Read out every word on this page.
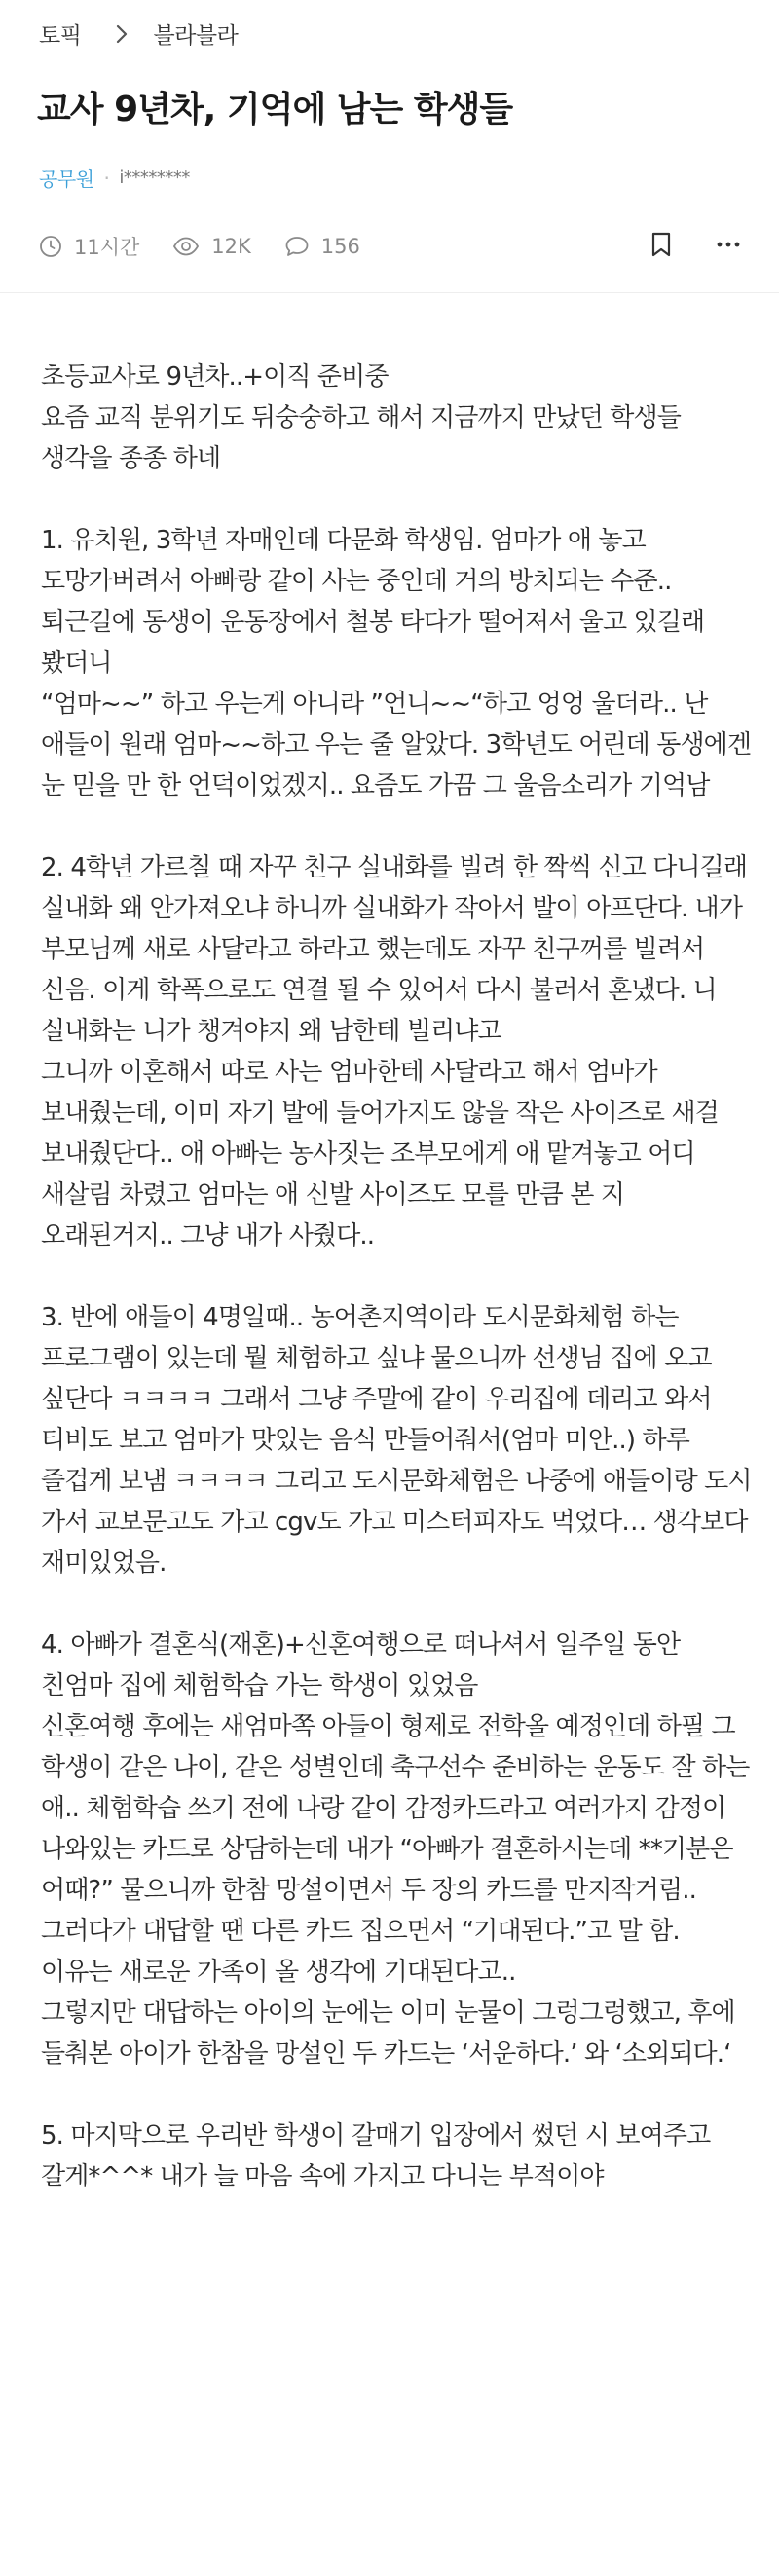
토픽	블라블라
교사 9년차, 기억에 남는 학생들
공무원 · i********
11시간	12K	156

초등교사로 9년차..+이직 준비중

요즘 교직 분위기도 뒤숭숭하고 해서 지금까지 만났던 학생들 생각을 종종 하네

1. 유치원, 3학년 자매인데 다문화 학생임. 엄마가 애 놓고 도망가버려서 아빠랑 같이 사는 중인데 거의 방치되는 수준..

퇴근길에 동생이 운동장에서 철봉 타다가 떨어져서 울고 있길래 봤더니

“엄마~~” 하고 우는게 아니라 ”언니~~“하고 엉엉 울더라.. 난 애들이 원래 엄마~~하고 우는 줄 알았다. 3학년도 어린데 동생에겐 눈 믿을 만 한 언덕이었겠지.. 요즘도 가끔 그 울음소리가 기억남

2. 4학년 가르칠 때 자꾸 친구 실내화를 빌려 한 짝씩 신고 다니길래 실내화 왜 안가져오냐 하니까 실내화가 작아서 발이 아프단다. 내가 부모님께 새로 사달라고 하라고 했는데도 자꾸 친구꺼를 빌려서 신음. 이게 학폭으로도 연결 될 수 있어서 다시 불러서 혼냈다. 니 실내화는 니가 챙겨야지 왜 남한테 빌리냐고

그니까 이혼해서 따로 사는 엄마한테 사달라고 해서 엄마가 보내줬는데, 이미 자기 발에 들어가지도 않을 작은 사이즈로 새걸 보내줬단다.. 애 아빠는 농사짓는 조부모에게 애 맡겨놓고 어디 새살림 차렸고 엄마는 애 신발 사이즈도 모를 만큼 본 지 오래된거지.. 그냥 내가 사줬다..

3. 반에 애들이 4명일때.. 농어촌지역이라 도시문화체험 하는 프로그램이 있는데 뭘 체험하고 싶냐 물으니까 선생님 집에 오고 싶단다 ㅋㅋㅋㅋ 그래서 그냥 주말에 같이 우리집에 데리고 와서 티비도 보고 엄마가 맛있는 음식 만들어줘서(엄마 미안..) 하루 즐겁게 보냄 ㅋㅋㅋㅋ 그리고 도시문화체험은 나중에 애들이랑 도시 가서 교보문고도 가고 cgv도 가고 미스터피자도 먹었다… 생각보다 재미있었음.

4. 아빠가 결혼식(재혼)+신혼여행으로 떠나셔서 일주일 동안 친엄마 집에 체험학습 가는 학생이 있었음

신혼여행 후에는 새엄마쪽 아들이 형제로 전학올 예정인데 하필 그 학생이 같은 나이, 같은 성별인데 축구선수 준비하는 운동도 잘 하는 애.. 체험학습 쓰기 전에 나랑 같이 감정카드라고 여러가지 감정이 나와있는 카드로 상담하는데 내가 “아빠가 결혼하시는데 **기분은 어때?” 물으니까 한참 망설이면서 두 장의 카드를 만지작거림.. 그러다가 대답할 땐 다른 카드 집으면서 “기대된다.”고 말 함. 이유는 새로운 가족이 올 생각에 기대된다고..

그렇지만 대답하는 아이의 눈에는 이미 눈물이 그렁그렁했고, 후에 들춰본 아이가 한참을 망설인 두 카드는 ‘서운하다.’ 와 ‘소외되다.‘

5. 마지막으로 우리반 학생이 갈매기 입장에서 썼던 시 보여주고 갈게*^^* 내가 늘 마음 속에 가지고 다니는 부적이야
